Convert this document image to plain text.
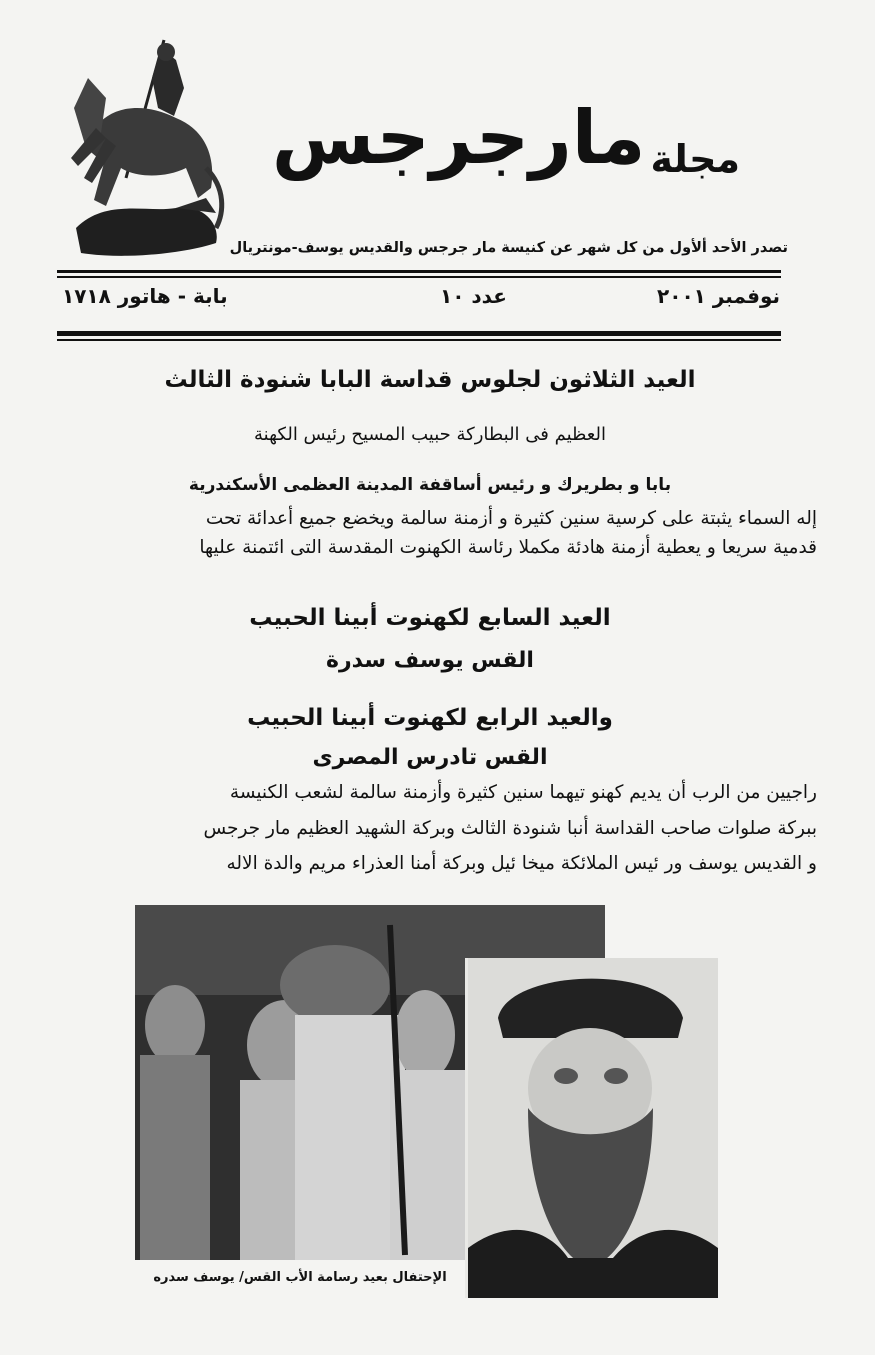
مجلة مارجرجس
تصدر الأحد ألأول من كل شهر عن كنيسة مار جرجس والقديس يوسف-مونتريال
نوفمبر ٢٠٠١
عدد ١٠
بابة - هاتور ١٧١٨
العيد الثلاثون لجلوس قداسة البابا شنودة الثالث
العظيم فى البطاركة حبيب المسيح رئيس الكهنة
بابا و بطريرك و رئيس أساقفة المدينة العظمى الأسكندرية
إله السماء يثبتة على كرسية سنين كثيرة و أزمنة سالمة ويخضع جميع أعدائة تحت
قدمية سريعا و يعطية أزمنة هادئة مكملا رئاسة الكهنوت المقدسة التى ائتمنة عليها
العيد السابع لكهنوت أبينا الحبيب
القس يوسف سدرة
والعيد الرابع لكهنوت أبينا الحبيب
القس تادرس المصرى
راجيين من الرب أن يديم كهنو تيهما سنين كثيرة وأزمنة سالمة لشعب الكنيسة
ببركة صلوات صاحب القداسة أنبا شنودة الثالث وبركة الشهيد العظيم مار جرجس
و القديس يوسف ور ئيس الملائكة ميخا ئيل وبركة أمنا العذراء مريم والدة الاله
الإحتفال بعيد رسامة الأب القس/ يوسف سدره
